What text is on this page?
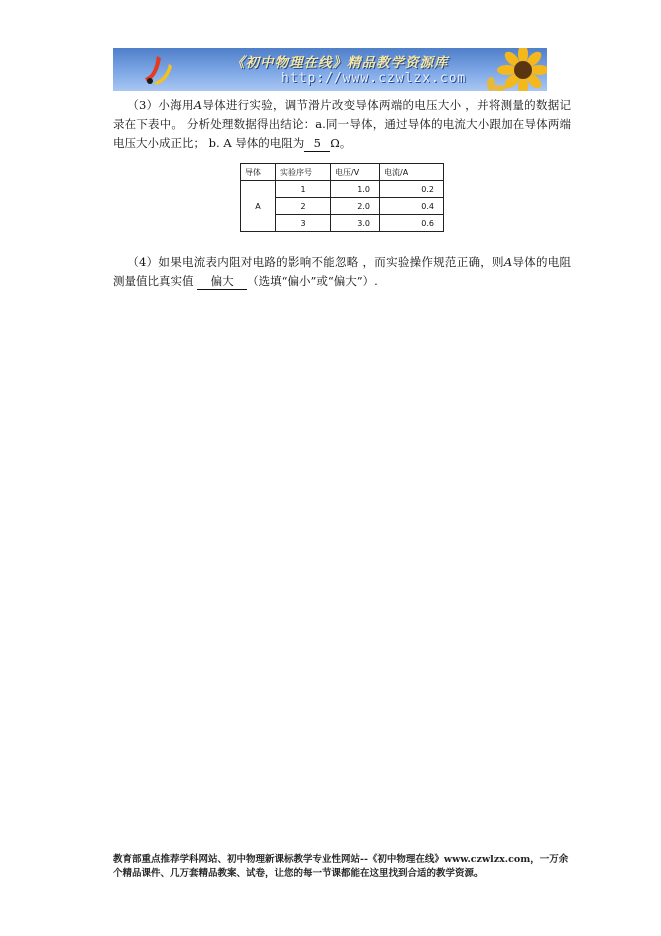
《初中物理在线》精品教学资源库
http://www.czwlzx.com
（3）小海用A导体进行实验，调节滑片改变导体两端的电压大小 ，并将测量的数据记录在下表中。 分析处理数据得出结论：a.同一导体，通过导体的电流大小跟加在导体两端电压大小成正比； b. A 导体的电阻为 5 Ω。
导体	实验序号	电压/V	电流/A
A	1	1.0	0.2
	2	2.0	0.4
	3	3.0	0.6
（4）如果电流表内阻对电路的影响不能忽略 ，而实验操作规范正确，则A导体的电阻测量值比真实值 偏大 （选填“偏小”或“偏大”）.
教育部重点推荐学科网站、初中物理新课标教学专业性网站--《初中物理在线》www.czwlzx.com，一万余个精品课件、几万套精品教案、试卷，让您的每一节课都能在这里找到合适的教学资源。
